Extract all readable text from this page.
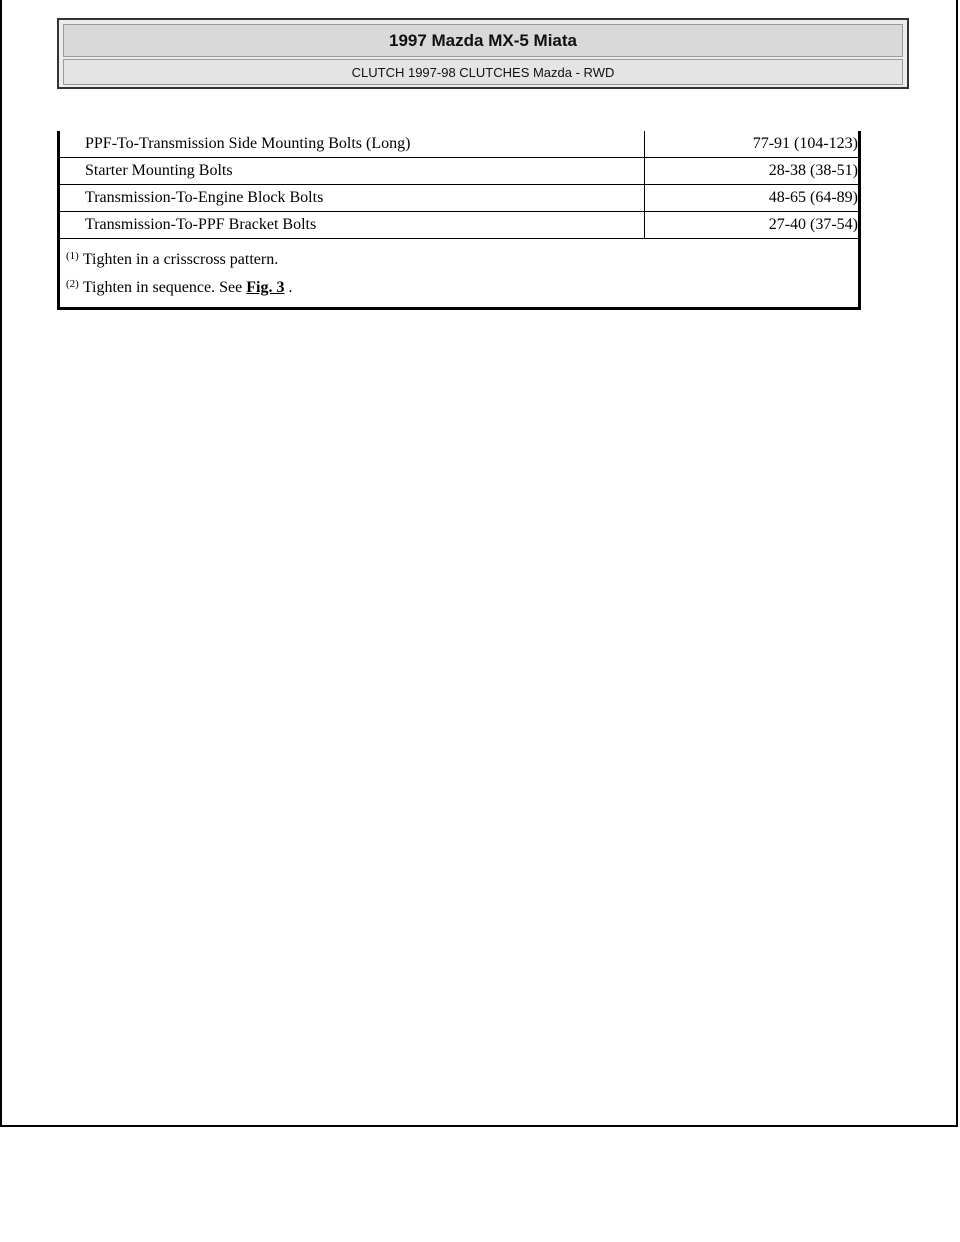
1997 Mazda MX-5 Miata
CLUTCH 1997-98 CLUTCHES Mazda - RWD
PPF-To-Transmission Side Mounting Bolts (Long)	77-91 (104-123)
Starter Mounting Bolts	28-38 (38-51)
Transmission-To-Engine Block Bolts	48-65 (64-89)
Transmission-To-PPF Bracket Bolts	27-40 (37-54)
$^{(1)}$ Tighten in a crisscross pattern.
$^{(2)}$ Tighten in sequence. See Fig. 3 .
